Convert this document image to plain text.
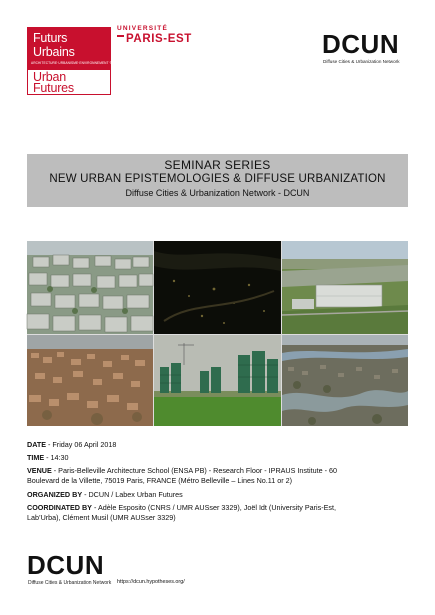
Futurs
Urbains
ARCHITECTURE·URBANISME·ENVIRONNEMENT·TRANSPORT
Urban
Futures
UNIVERSITÉ
PARIS-EST	DCUN
Diffuse Cities & Urbanization Network
SEMINAR SERIES
NEW URBAN EPISTEMOLOGIES & DIFFUSE URBANIZATION
Diffuse Cities & Urbanization Network - DCUN
DATE - Friday 06 April 2018
TIME - 14:30
VENUE - Paris-Belleville Architecture School (ENSA PB) - Research Floor - IPRAUS Institute - 60
Boulevard de la Villette, 75019 Paris, FRANCE (Métro Belleville – Lines No.11 or 2)
ORGANIZED BY - DCUN / Labex Urban Futures
COORDINATED BY - Adèle Esposito (CNRS / UMR AUSser 3329), Joël Idt (University Paris-Est,
Lab’Urba), Clément Musil (UMR AUSser 3329)
DCUN
Diffuse Cities & Urbanization Network https://dcun.hypotheses.org/
